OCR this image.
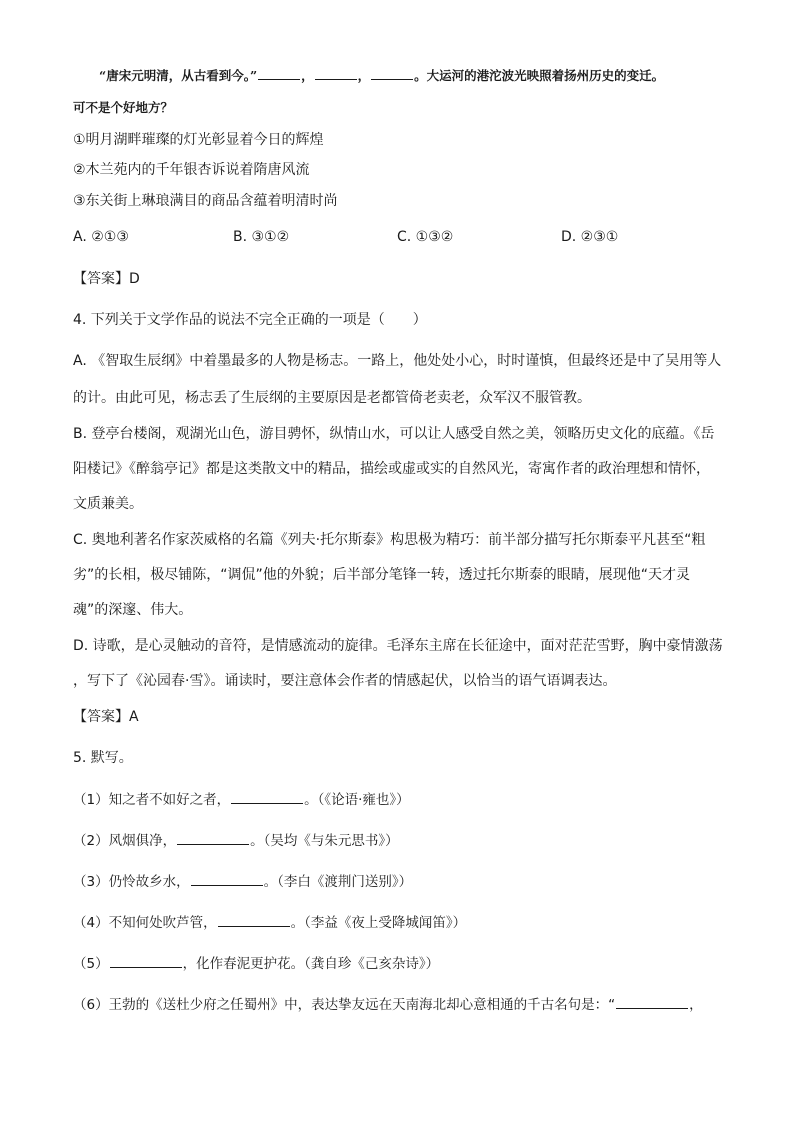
“唐宋元明清，从古看到今。”	，	，	。大运河的港沱波光映照着扬州历史的变迁。
可不是个好地方？
①明月湖畔璀璨的灯光彰显着今日的辉煌
②木兰苑内的千年银杏诉说着隋唐风流
③东关街上琳琅满目的商品含蕴着明清时尚
A. ②①③	B. ③①②	C. ①③②	D. ②③①
【答案】D
4. 下列关于文学作品的说法不完全正确的一项是（　　）
A. 《智取生辰纲》中着墨最多的人物是杨志。一路上，他处处小心，时时谨慎，但最终还是中了吴用等人
的计。由此可见，杨志丢了生辰纲的主要原因是老都管倚老卖老，众军汉不服管教。
B. 登亭台楼阁，观湖光山色，游目骋怀，纵情山水，可以让人感受自然之美，领略历史文化的底蕴。《岳
阳楼记》《醉翁亭记》都是这类散文中的精品，描绘或虚或实的自然风光，寄寓作者的政治理想和情怀，
文质兼美。
C. 奥地利著名作家茨威格的名篇《列夫·托尔斯泰》构思极为精巧：前半部分描写托尔斯泰平凡甚至“粗
劣”的长相，极尽铺陈，“调侃”他的外貌；后半部分笔锋一转，透过托尔斯泰的眼睛，展现他“天才灵
魂”的深邃、伟大。
D. 诗歌，是心灵触动的音符，是情感流动的旋律。毛泽东主席在长征途中，面对茫茫雪野，胸中豪情激荡
，写下了《沁园春·雪》。诵读时，要注意体会作者的情感起伏，以恰当的语气语调表达。
【答案】A
5. 默写。
（1）知之者不如好之者，	。（《论语·雍也》）
（2）风烟俱净，	。（吴均《与朱元思书》）
（3）仍怜故乡水，	。（李白《渡荆门送别》）
（4）不知何处吹芦管，	。（李益《夜上受降城闻笛》）
（5）	，化作春泥更护花。（龚自珍《己亥杂诗》）
（6）王勃的《送杜少府之任蜀州》中，表达挚友远在天南海北却心意相通的千古名句是：“	，
